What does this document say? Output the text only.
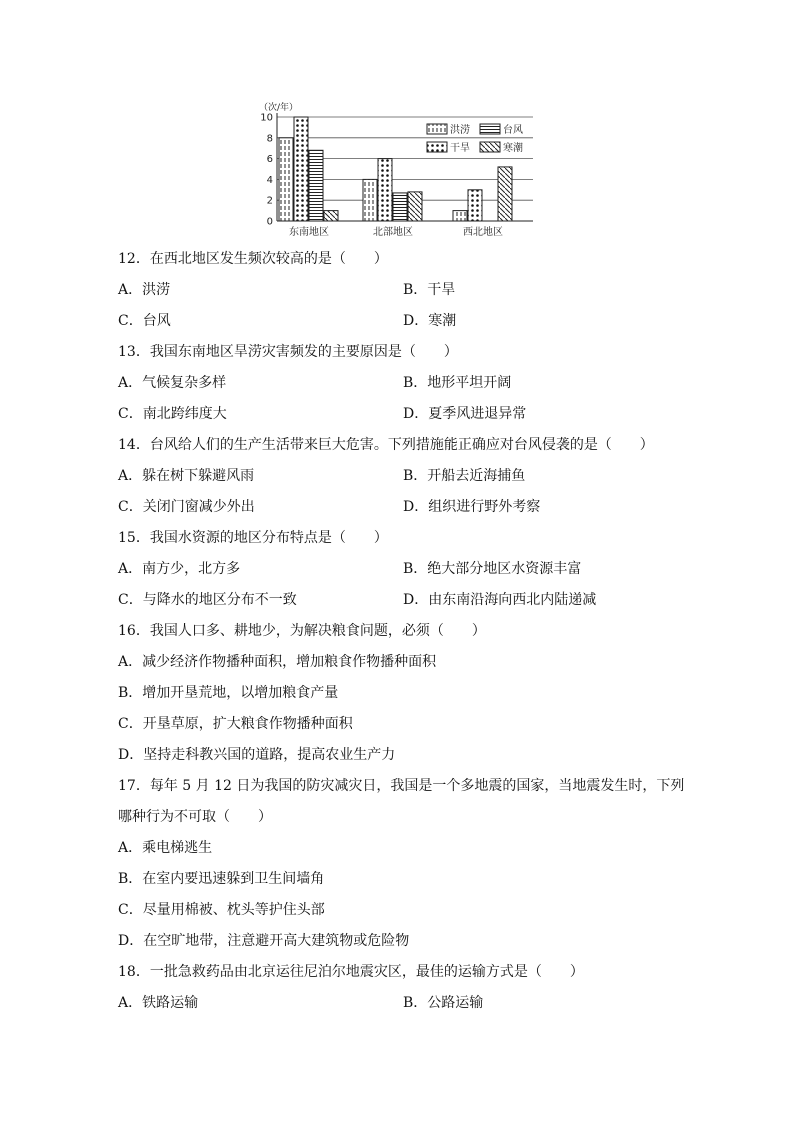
（次/年）
0
2
4
6
8
10
东南地区	北部地区	西北地区
洪涝	台风
干旱	寒潮
12．在西北地区发生频次较高的是（　　）
A．洪涝	B．干旱
C．台风	D．寒潮
13．我国东南地区旱涝灾害频发的主要原因是（　　）
A．气候复杂多样	B．地形平坦开阔
C．南北跨纬度大	D．夏季风进退异常
14．台风给人们的生产生活带来巨大危害。下列措施能正确应对台风侵袭的是（　　）
A．躲在树下躲避风雨	B．开船去近海捕鱼
C．关闭门窗减少外出	D．组织进行野外考察
15．我国水资源的地区分布特点是（　　）
A．南方少，北方多	B．绝大部分地区水资源丰富
C．与降水的地区分布不一致	D．由东南沿海向西北内陆递减
16．我国人口多、耕地少，为解决粮食问题，必须（　　）
A．减少经济作物播种面积，增加粮食作物播种面积
B．增加开垦荒地，以增加粮食产量
C．开垦草原，扩大粮食作物播种面积
D．坚持走科教兴国的道路，提高农业生产力
17．每年 5 月 12 日为我国的防灾减灾日，我国是一个多地震的国家，当地震发生时，下列
哪种行为不可取（　　）
A．乘电梯逃生
B．在室内要迅速躲到卫生间墙角
C．尽量用棉被、枕头等护住头部
D．在空旷地带，注意避开高大建筑物或危险物
18．一批急救药品由北京运往尼泊尔地震灾区，最佳的运输方式是（　　）
A．铁路运输	B．公路运输
